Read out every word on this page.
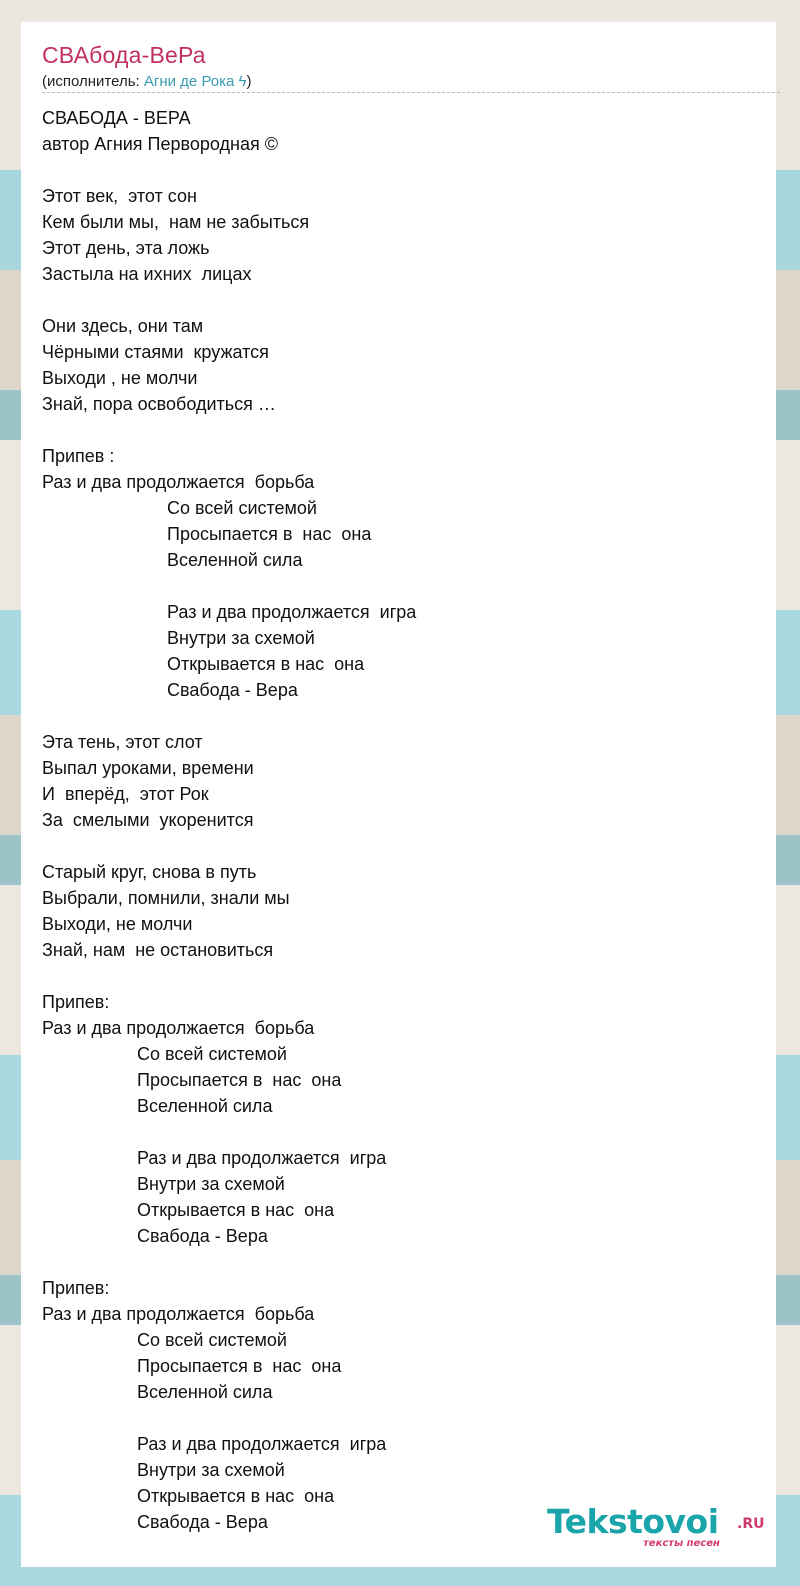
СВАбода-ВеРа
(исполнитель: Агни де Рока ϟ)
СВАБОДА - ВЕРА
автор Агния Первородная ©
Этот век,  этот сон
Кем были мы,  нам не забыться
Этот день, эта ложь
Застыла на ихних  лицах
Они здесь, они там
Чёрными стаями  кружатся
Выходи , не молчи
Знай, пора освободиться …
Припев :
Раз и два продолжается  борьба
Со всей системой
Просыпается в  нас  она
Вселенной сила
Раз и два продолжается  игра
Внутри за схемой
Открывается в нас  она
Свабода - Вера
Эта тень, этот слот
Выпал уроками, времени
И  вперёд,  этот Рок
За  смелыми  укоренится
Старый круг, снова в путь
Выбрали, помнили, знали мы
Выходи, не молчи
Знай, нам  не остановиться
Припев:
Раз и два продолжается  борьба
Со всей системой
Просыпается в  нас  она
Вселенной сила
Раз и два продолжается  игра
Внутри за схемой
Открывается в нас  она
Свабода - Вера
Припев:
Раз и два продолжается  борьба
Со всей системой
Просыпается в  нас  она
Вселенной сила
Раз и два продолжается  игра
Внутри за схемой
Открывается в нас  она
Свабода - Вера	Tekstovoi .RU
тексты песен
